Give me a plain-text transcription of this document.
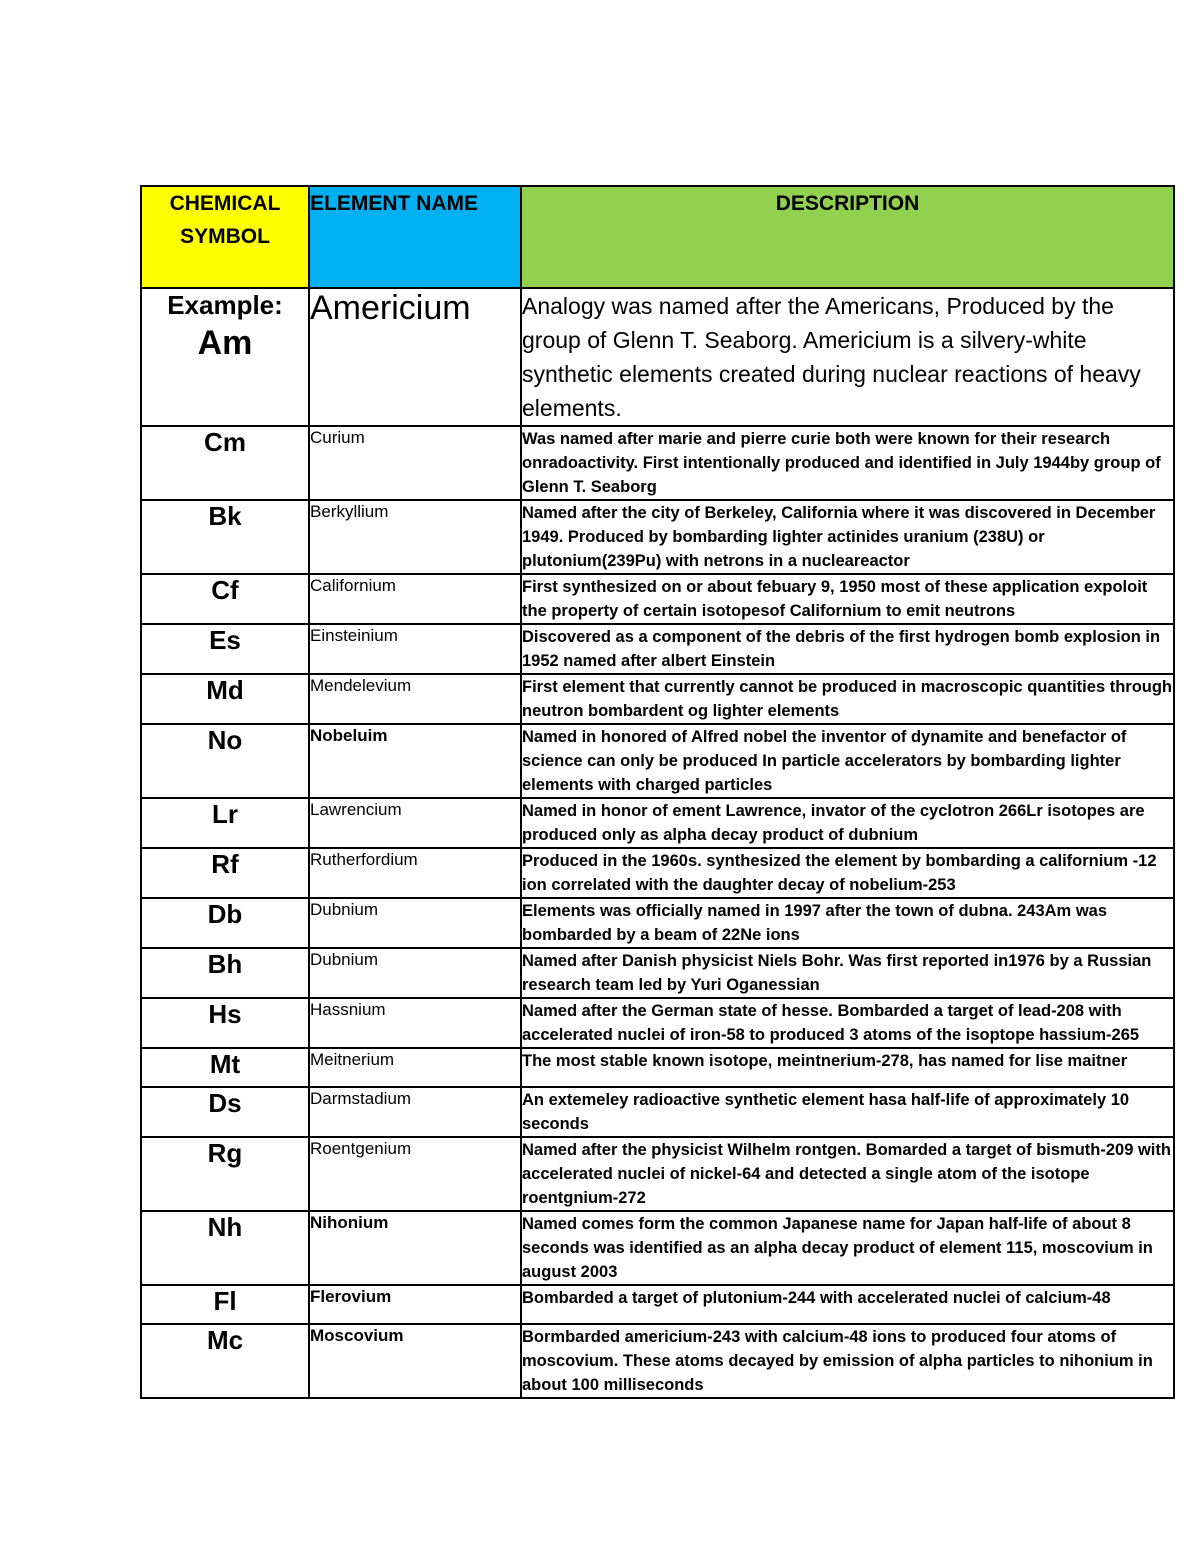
CHEMICAL SYMBOL	ELEMENT NAME	DESCRIPTION

Example:
Am	Americium	Analogy was named after the Americans, Produced by the group of Glenn T. Seaborg. Americium is a silvery-white synthetic elements created during nuclear reactions of heavy elements.
Cm	Curium	Was named after marie and pierre curie both were known for their research onradoactivity. First intentionally produced and identified in July 1944by group of Glenn T. Seaborg
Bk	Berkyllium	Named after the city of Berkeley, California where it was discovered in December 1949. Produced by bombarding lighter actinides uranium (238U) or plutonium(239Pu) with netrons in a nucleareactor
Cf	Californium	First synthesized on or about febuary 9, 1950 most of these application expoloit the property of certain isotopesof Californium to emit neutrons
Es	Einsteinium	Discovered as a component of the debris of the first hydrogen bomb explosion in 1952 named after albert Einstein
Md	Mendelevium	First element that currently cannot be produced in macroscopic quantities through neutron bombardent og lighter elements
No	Nobeluim	Named in honored of Alfred nobel the inventor of dynamite and benefactor of science can only be produced In particle accelerators by bombarding lighter elements with charged particles
Lr	Lawrencium	Named in honor of ement Lawrence, invator of the cyclotron 266Lr isotopes are produced only as alpha decay product of dubnium
Rf	Rutherfordium	Produced in the 1960s. synthesized the element by bombarding a californium -12 ion correlated with the daughter decay of nobelium-253
Db	Dubnium	Elements was officially named in 1997 after the town of dubna. 243Am was bombarded by a beam of 22Ne ions
Bh	Dubnium	Named after Danish physicist Niels Bohr. Was first reported in1976 by a Russian research team led by Yuri Oganessian
Hs	Hassnium	Named after the German state of hesse. Bombarded a target of lead-208 with accelerated nuclei of iron-58 to produced 3 atoms of the isoptope hassium-265
Mt	Meitnerium	The most stable known isotope, meintnerium-278, has named for lise maitner
Ds	Darmstadium	An extemeley radioactive synthetic element hasa half-life of approximately 10 seconds
Rg	Roentgenium	Named after the physicist Wilhelm rontgen. Bomarded a target of bismuth-209 with accelerated nuclei of nickel-64 and detected a single atom of the isotope roentgnium-272
Nh	Nihonium	Named comes form the common Japanese name for Japan half-life of about 8 seconds was identified as an alpha decay product of element 115, moscovium in august 2003
Fl	Flerovium	Bombarded a target of plutonium-244 with accelerated nuclei of calcium-48
Mc	Moscovium	Bormbarded americium-243 with calcium-48 ions to produced four atoms of moscovium. These atoms decayed by emission of alpha particles to nihonium in about 100 milliseconds
